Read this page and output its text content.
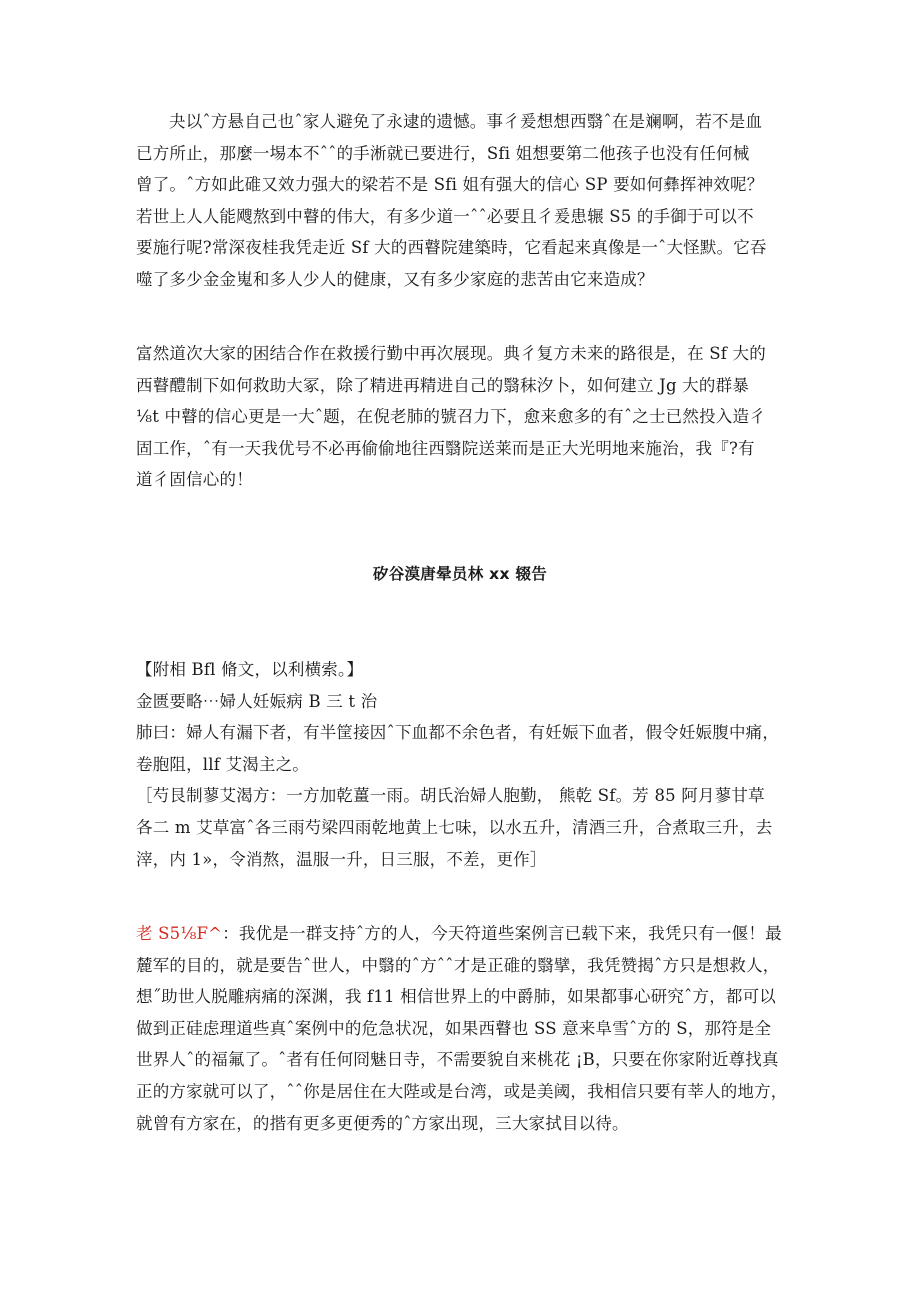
夬以ˆ方悬自己也ˆ家人避免了永逮的遗憾。事彳爰想想西翳ˆ在是斓啊，若不是血
已方所止，那麼一埸本不ˆˆ的手淅就已要进行，Sfi 姐想要第二他孩子也没有任何械
曾了。ˆ方如此碓又效力强大的梁若不是 Sfi 姐有强大的信心 SP 要如何彝挥神效呢？
若世上人人能飕熬到中瞽的伟大，有多少道一ˆˆ必要且彳爰患辗 S5 的手御于可以不
要施行呢?常深夜桂我凭走近 Sf 大的西瞽院建築時，它看起来真像是一ˆ大怪默。它吞
噬了多少金金嵬和多人少人的健康，又有多少家庭的悲苦由它来造成？
富然道次大家的困结合作在救援行勤中再次展现。典彳复方未来的路很是，在 Sf 大的
西瞽醴制下如何救助大冢，除了精进再精进自己的翳秣汐卜，如何建立 Jg 大的群暴
⅛t 中瞽的信心更是一大ˆ题，在倪老肺的號召力下，愈来愈多的有ˆ之士已然投入造彳
固工作，ˆ有一天我优号不必再偷偷地往西翳院送莱而是正大光明地来施治，我『?有
道彳固信心的！
矽谷漠唐晕员林 xx 辍告
【附相 Bfl 脩文，以利横索。】
金匮要略⋯婦人妊娠病 B 三 t 治
肺曰：婦人有漏下者，有半筐接因ˆ下血都不余色者，有妊娠下血者，假令妊娠腹中痛，
卷胞阻，llf 艾渴主之。
［芍艮制蓼艾渴方：一方加乾薑一雨。胡氏治婦人胞勤， 熊乾 Sf。芳 85 阿月蓼甘草
各二 m 艾草富ˆ各三雨芍梁四雨乾地黄上七味，以水五升，清酒三升，合煮取三升，去
滓，内 1»，令消熬，温服一升，日三服，不差，更作］
老 S5⅛F^：我优是一群支持ˆ方的人，今天符道些案例言已载下来，我凭只有一偃！最
麓军的目的，就是要告ˆ世人，中翳的ˆ方ˆˆ才是正碓的翳擘，我凭赞揭ˆ方只是想救人，
想˝助世人脱雕病痛的深渊，我 f11 相信世界上的中爵肺，如果都事心研究ˆ方，都可以
做到正硅虑理道些真ˆ案例中的危急状况，如果西瞽也 SS 意来阜雪ˆ方的 S，那符是全
世界人ˆ的福氟了。ˆ者有任何冏魅日寺，不需要貌自来桃花 ¡B，只要在你家附近尊找真
正的方家就可以了，ˆˆ你是居住在大陛或是台湾，或是美阈，我相信只要有莘人的地方，
就曾有方家在，的揩有更多更便秀的ˆ方家出现，三大家拭目以待。
